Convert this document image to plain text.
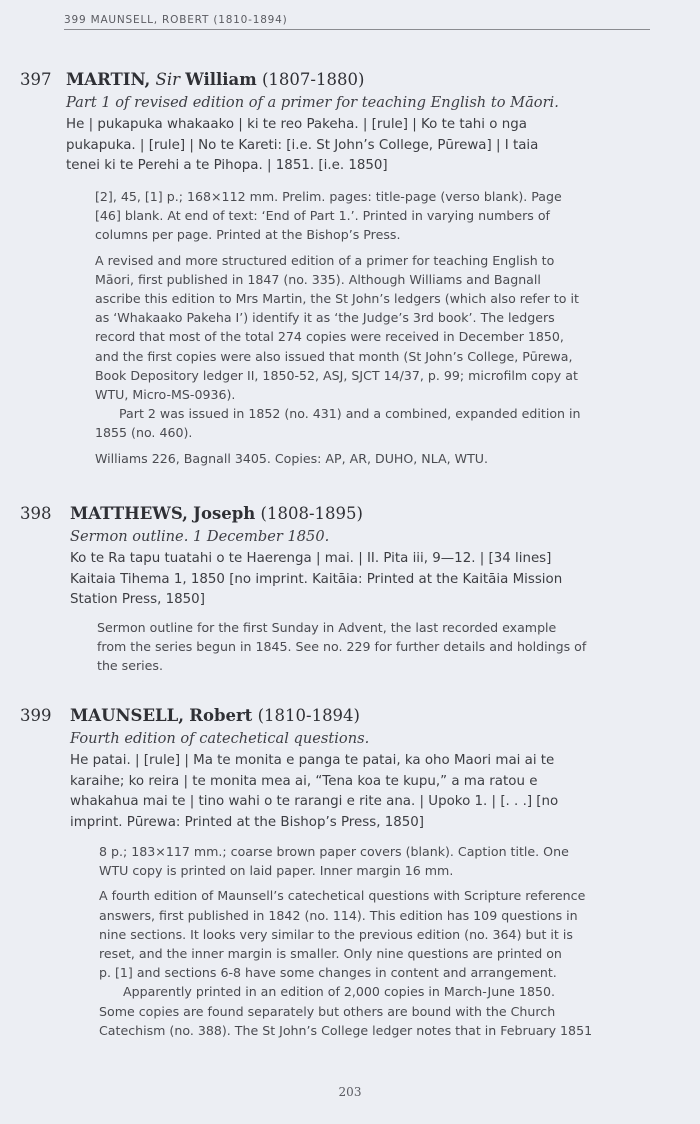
399 MAUNSELL, ROBERT (1810-1894)
397 MARTIN, Sir William (1807-1880)
Part 1 of revised edition of a primer for teaching English to Māori.
He | pukapuka whakaako | ki te reo Pakeha. | [rule] | Ko te tahi o nga
pukapuka. | [rule] | No te Kareti: [i.e. St John’s College, Pūrewa] | I taia
tenei ki te Perehi a te Pihopa. | 1851. [i.e. 1850]
[2], 45, [1] p.; 168×112 mm. Prelim. pages: title-page (verso blank). Page
[46] blank. At end of text: ‘End of Part 1.’. Printed in varying numbers of
columns per page. Printed at the Bishop’s Press.
A revised and more structured edition of a primer for teaching English to
Māori, first published in 1847 (no. 335). Although Williams and Bagnall
ascribe this edition to Mrs Martin, the St John’s ledgers (which also refer to it
as ‘Whakaako Pakeha I’) identify it as ‘the Judge’s 3rd book’. The ledgers
record that most of the total 274 copies were received in December 1850,
and the first copies were also issued that month (St John’s College, Pūrewa,
Book Depository ledger II, 1850-52, ASJ, SJCT 14/37, p. 99; microfilm copy at
WTU, Micro-MS-0936).
Part 2 was issued in 1852 (no. 431) and a combined, expanded edition in
1855 (no. 460).
Williams 226, Bagnall 3405. Copies: AP, AR, DUHO, NLA, WTU.
398 MATTHEWS, Joseph (1808-1895)
Sermon outline. 1 December 1850.
Ko te Ra tapu tuatahi o te Haerenga | mai. | II. Pita iii, 9—12. | [34 lines]
Kaitaia Tihema 1, 1850 [no imprint. Kaitāia: Printed at the Kaitāia Mission
Station Press, 1850]
Sermon outline for the first Sunday in Advent, the last recorded example
from the series begun in 1845. See no. 229 for further details and holdings of
the series.
399 MAUNSELL, Robert (1810-1894)
Fourth edition of catechetical questions.
He patai. | [rule] | Ma te monita e panga te patai, ka oho Maori mai ai te
karaihe; ko reira | te monita mea ai, “Tena koa te kupu,” a ma ratou e
whakahua mai te | tino wahi o te rarangi e rite ana. | Upoko 1. | [. . .] [no
imprint. Pūrewa: Printed at the Bishop’s Press, 1850]
8 p.; 183×117 mm.; coarse brown paper covers (blank). Caption title. One
WTU copy is printed on laid paper. Inner margin 16 mm.
A fourth edition of Maunsell’s catechetical questions with Scripture reference
answers, first published in 1842 (no. 114). This edition has 109 questions in
nine sections. It looks very similar to the previous edition (no. 364) but it is
reset, and the inner margin is smaller. Only nine questions are printed on
p. [1] and sections 6-8 have some changes in content and arrangement.
Apparently printed in an edition of 2,000 copies in March-June 1850.
Some copies are found separately but others are bound with the Church
Catechism (no. 388). The St John’s College ledger notes that in February 1851
203
